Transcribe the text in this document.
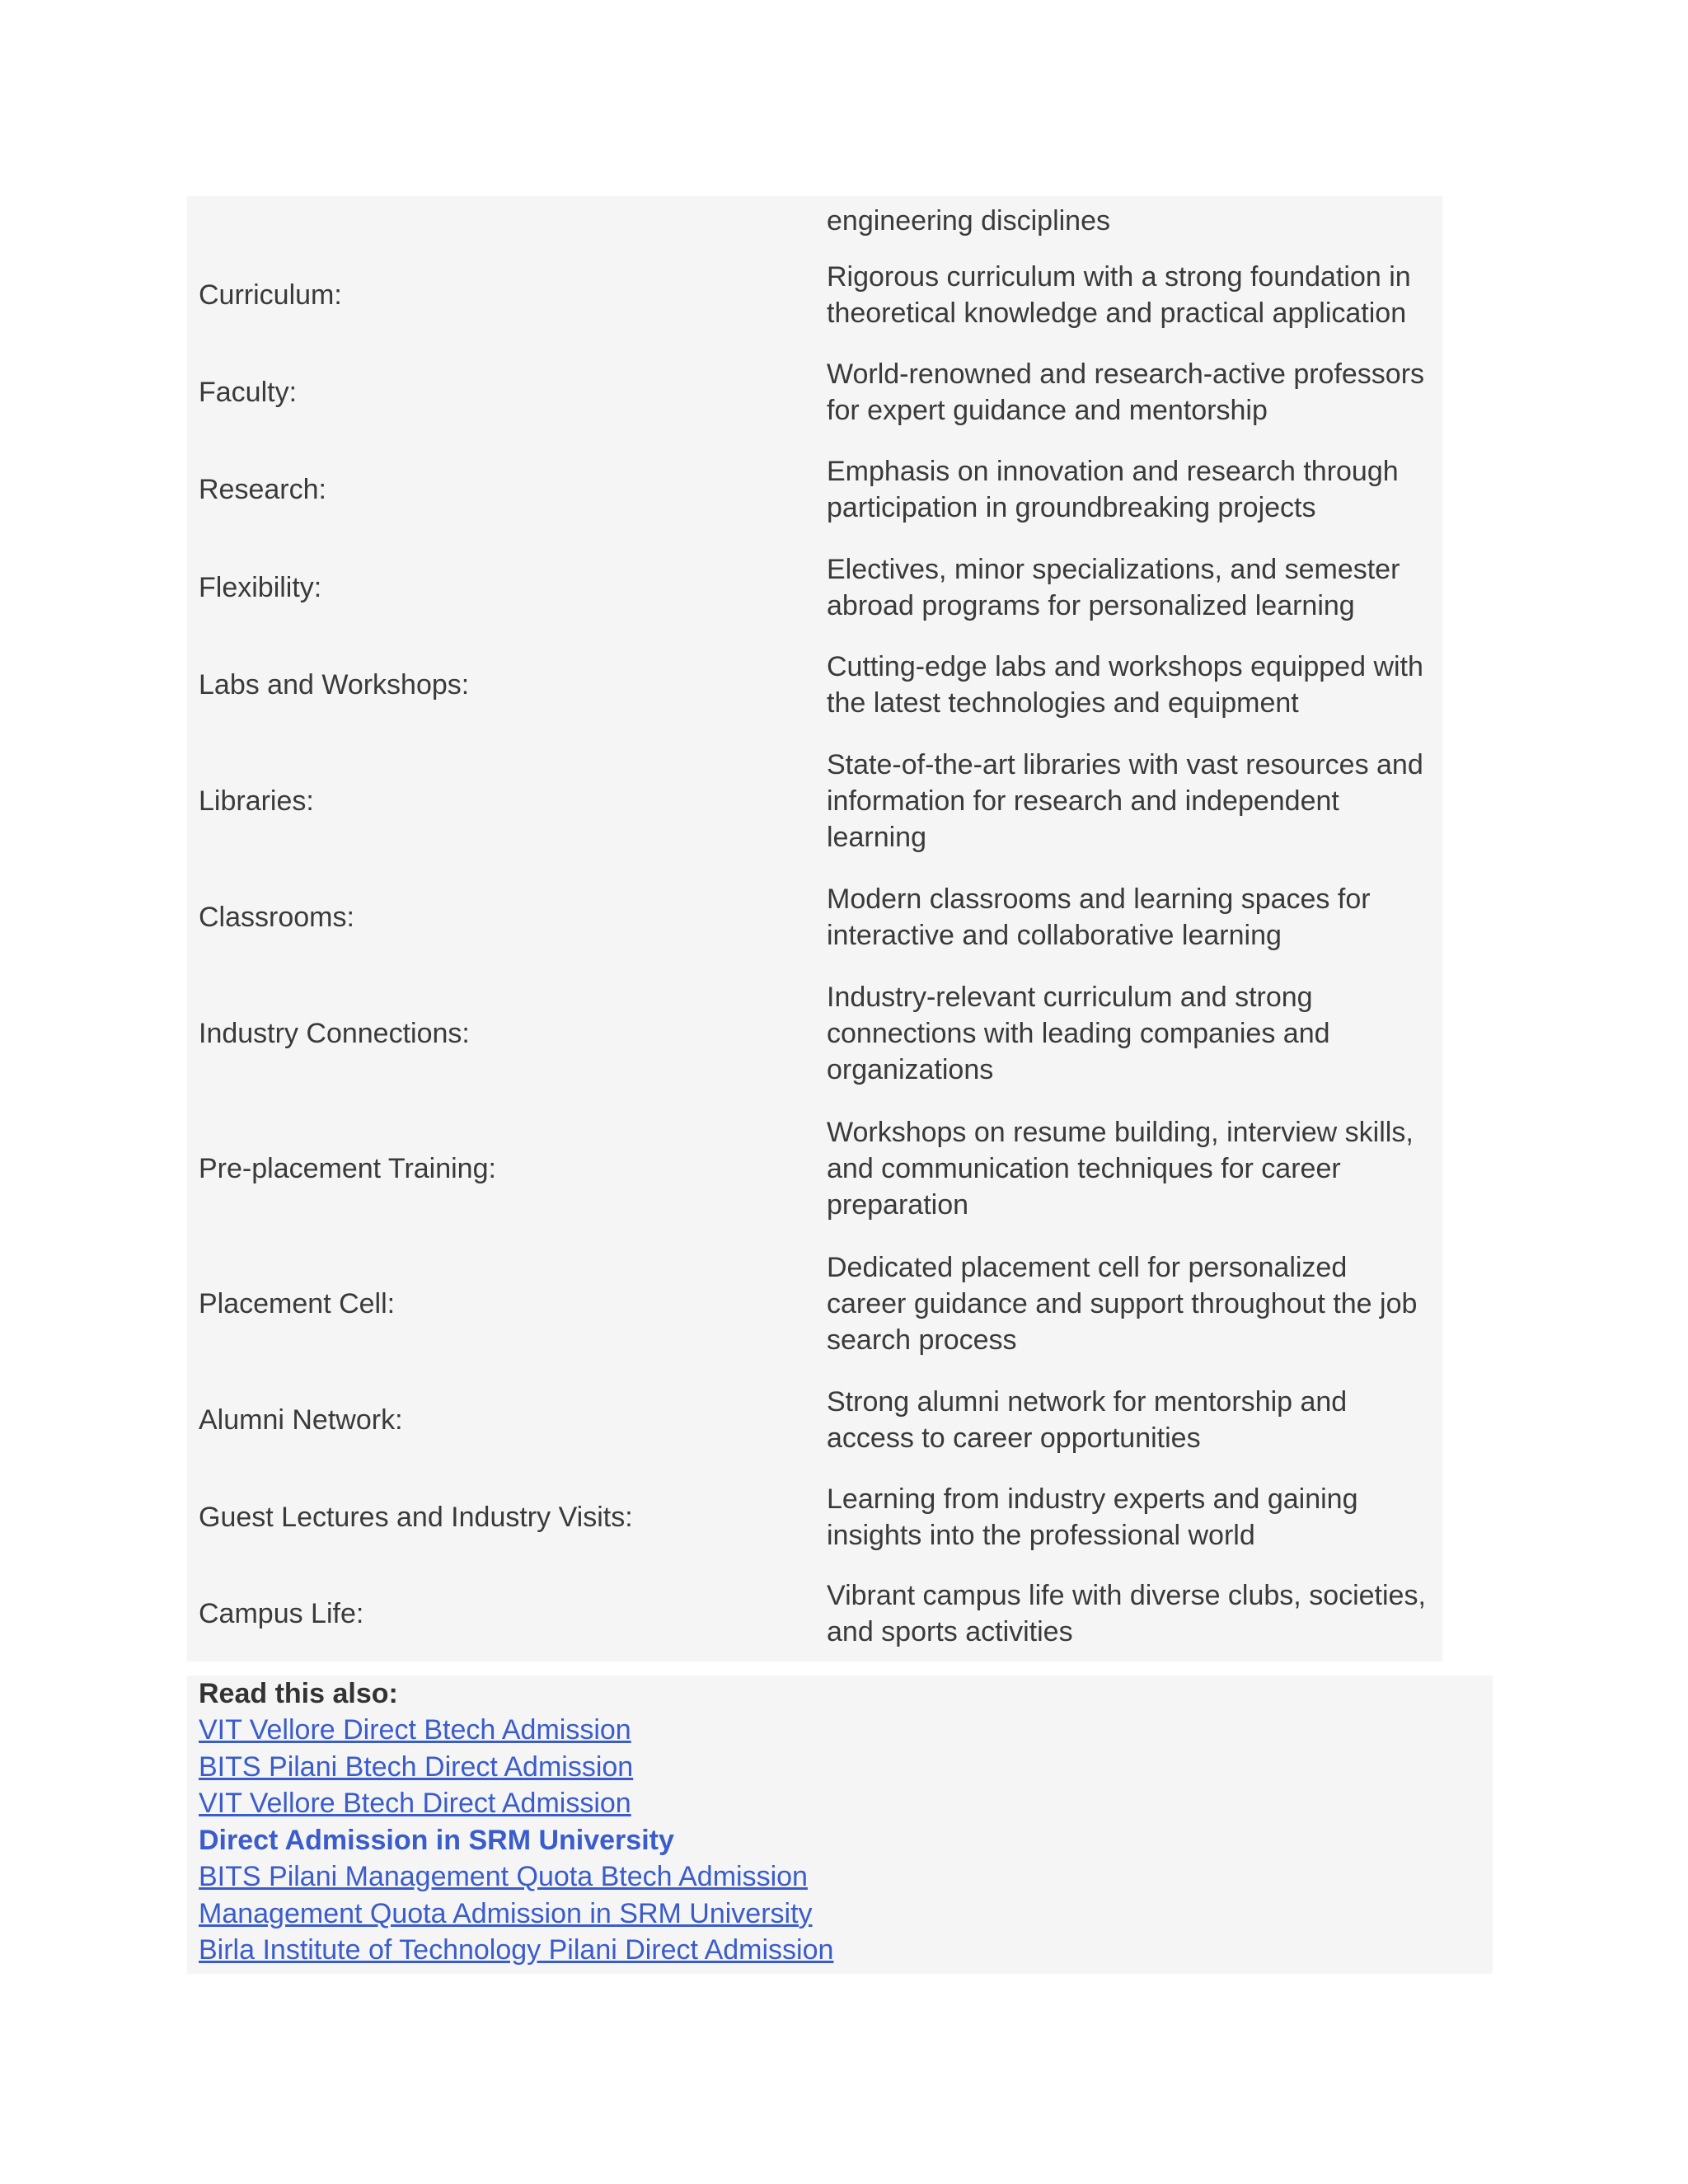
	engineering disciplines
Curriculum:	Rigorous curriculum with a strong foundation in theoretical knowledge and practical application
Faculty:	World-renowned and research-active professors for expert guidance and mentorship
Research:	Emphasis on innovation and research through participation in groundbreaking projects
Flexibility:	Electives, minor specializations, and semester abroad programs for personalized learning
Labs and Workshops:	Cutting-edge labs and workshops equipped with the latest technologies and equipment
Libraries:	State-of-the-art libraries with vast resources and information for research and independent learning
Classrooms:	Modern classrooms and learning spaces for interactive and collaborative learning
Industry Connections:	Industry-relevant curriculum and strong connections with leading companies and organizations
Pre-placement Training:	Workshops on resume building, interview skills, and communication techniques for career preparation
Placement Cell:	Dedicated placement cell for personalized career guidance and support throughout the job search process
Alumni Network:	Strong alumni network for mentorship and access to career opportunities
Guest Lectures and Industry Visits:	Learning from industry experts and gaining insights into the professional world
Campus Life:	Vibrant campus life with diverse clubs, societies, and sports activities
Read this also:
VIT Vellore Direct Btech Admission
BITS Pilani Btech Direct Admission
VIT Vellore Btech Direct Admission
Direct Admission in SRM University
BITS Pilani Management Quota Btech Admission
Management Quota Admission in SRM University
Birla Institute of Technology Pilani Direct Admission
